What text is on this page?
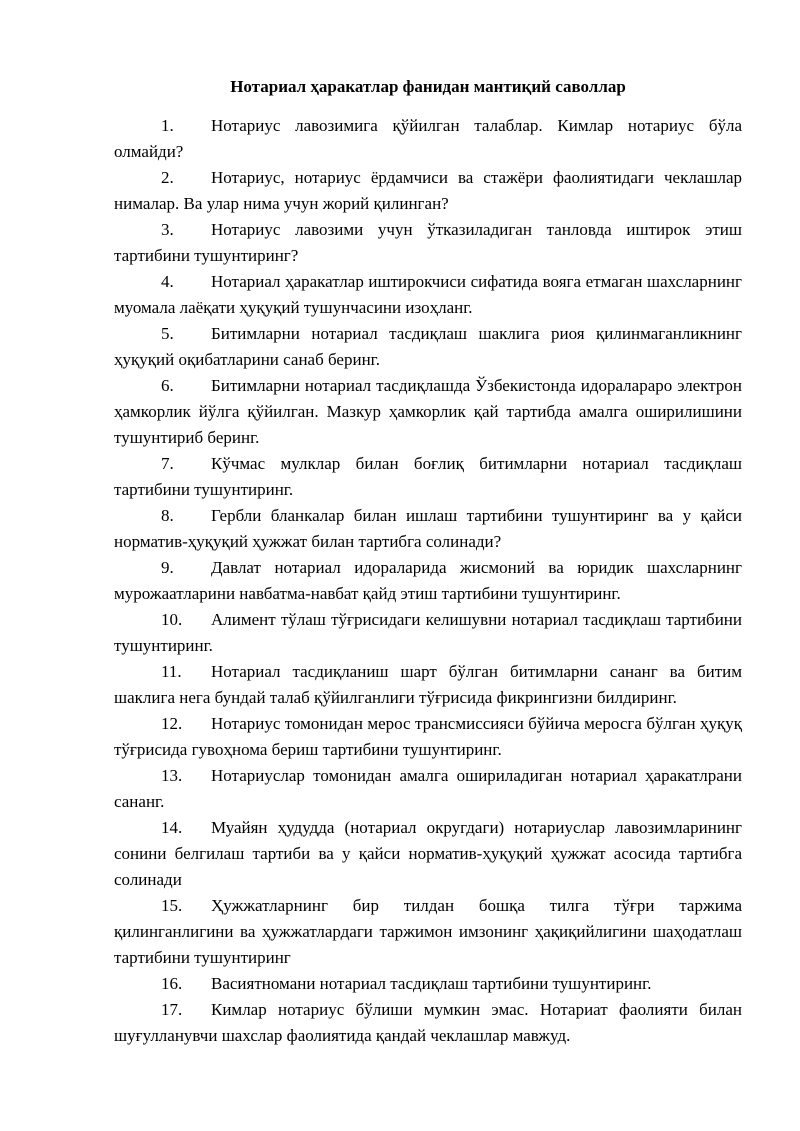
Нотариал ҳаракатлар фанидан мантиқий саволлар

1. Нотариус лавозимига қўйилган талаблар. Кимлар нотариус бўла олмайди?

2. Нотариус, нотариус ёрдамчиси ва стажёри фаолиятидаги чеклашлар нималар. Ва улар нима учун жорий қилинган?

3. Нотариус лавозими учун ўтказиладиган танловда иштирок этиш тартибини тушунтиринг?

4. Нотариал ҳаракатлар иштирокчиси сифатида вояга етмаган шахсларнинг муомала лаёқати ҳуқуқий тушунчасини изоҳланг.

5. Битимларни нотариал тасдиқлаш шаклига риоя қилинмаганликнинг ҳуқуқий оқибатларини санаб беринг.

6. Битимларни нотариал тасдиқлашда Ўзбекистонда идоралараро электрон ҳамкорлик йўлга қўйилган. Мазкур ҳамкорлик қай тартибда амалга оширилишини тушунтириб беринг.

7. Кўчмас мулклар билан боғлиқ битимларни нотариал тасдиқлаш тартибини тушунтиринг.

8. Гербли бланкалар билан ишлаш тартибини тушунтиринг ва у қайси норматив-ҳуқуқий ҳужжат билан тартибга солинади?

9. Давлат нотариал идораларида жисмоний ва юридик шахсларнинг мурожаатларини навбатма-навбат қайд этиш тартибини тушунтиринг.

10. Алимент тўлаш тўғрисидаги келишувни нотариал тасдиқлаш тартибини тушунтиринг.

11. Нотариал тасдиқланиш шарт бўлган битимларни сананг ва битим шаклига нега бундай талаб қўйилганлиги тўғрисида фикрингизни билдиринг.

12. Нотариус томонидан мерос трансмиссияси бўйича меросга бўлган ҳуқуқ тўғрисида гувоҳнома бериш тартибини тушунтиринг.

13. Нотариуслар томонидан амалга ошириладиган нотариал ҳаракатлрани сананг.

14. Муайян ҳудудда (нотариал округдаги) нотариуслар лавозимларининг сонини белгилаш тартиби ва у қайси норматив-ҳуқуқий ҳужжат асосида тартибга солинади

15. Ҳужжатларнинг бир тилдан бошқа тилга тўғри таржима қилинганлигини ва ҳужжатлардаги таржимон имзонинг ҳақиқийлигини шаҳодатлаш тартибини тушунтиринг

16. Васиятномани нотариал тасдиқлаш тартибини тушунтиринг.

17. Кимлар нотариус бўлиши мумкин эмас. Нотариат фаолияти билан шуғулланувчи шахслар фаолиятида қандай чеклашлар мавжуд.
